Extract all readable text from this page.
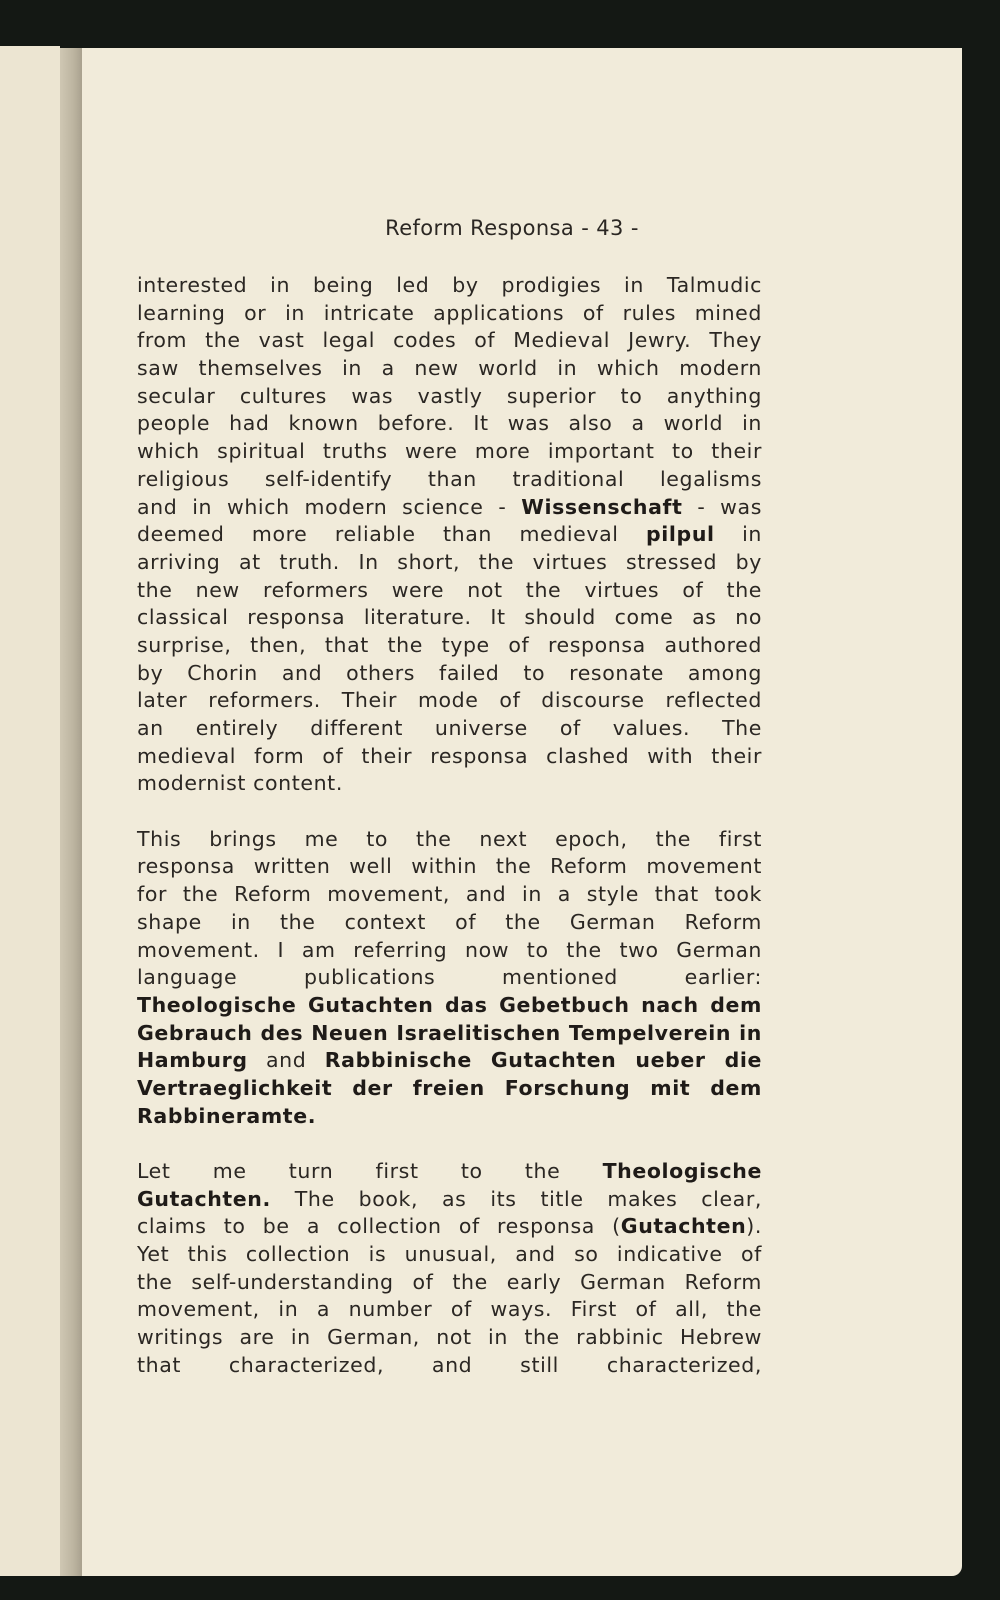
Reform Responsa - 43 -
interested in being led by prodigies in Talmudic
learning or in intricate applications of rules mined
from the vast legal codes of Medieval Jewry. They
saw themselves in a new world in which modern
secular cultures was vastly superior to anything
people had known before. It was also a world in
which spiritual truths were more important to their
religious self-identify than traditional legalisms
and in which modern science - Wissenschaft - was
deemed more reliable than medieval pilpul in
arriving at truth. In short, the virtues stressed by
the new reformers were not the virtues of the
classical responsa literature. It should come as no
surprise, then, that the type of responsa authored
by Chorin and others failed to resonate among
later reformers. Their mode of discourse reflected
an entirely different universe of values. The
medieval form of their responsa clashed with their
modernist content.
This brings me to the next epoch, the first
responsa written well within the Reform movement
for the Reform movement, and in a style that took
shape in the context of the German Reform
movement. I am referring now to the two German
language publications mentioned earlier:
Theologische Gutachten das Gebetbuch nach dem
Gebrauch des Neuen Israelitischen Tempelverein in
Hamburg and Rabbinische Gutachten ueber die
Vertraeglichkeit der freien Forschung mit dem
Rabbineramte.
Let me turn first to the Theologische
Gutachten. The book, as its title makes clear,
claims to be a collection of responsa (Gutachten).
Yet this collection is unusual, and so indicative of
the self-understanding of the early German Reform
movement, in a number of ways. First of all, the
writings are in German, not in the rabbinic Hebrew
that characterized, and still characterized,
